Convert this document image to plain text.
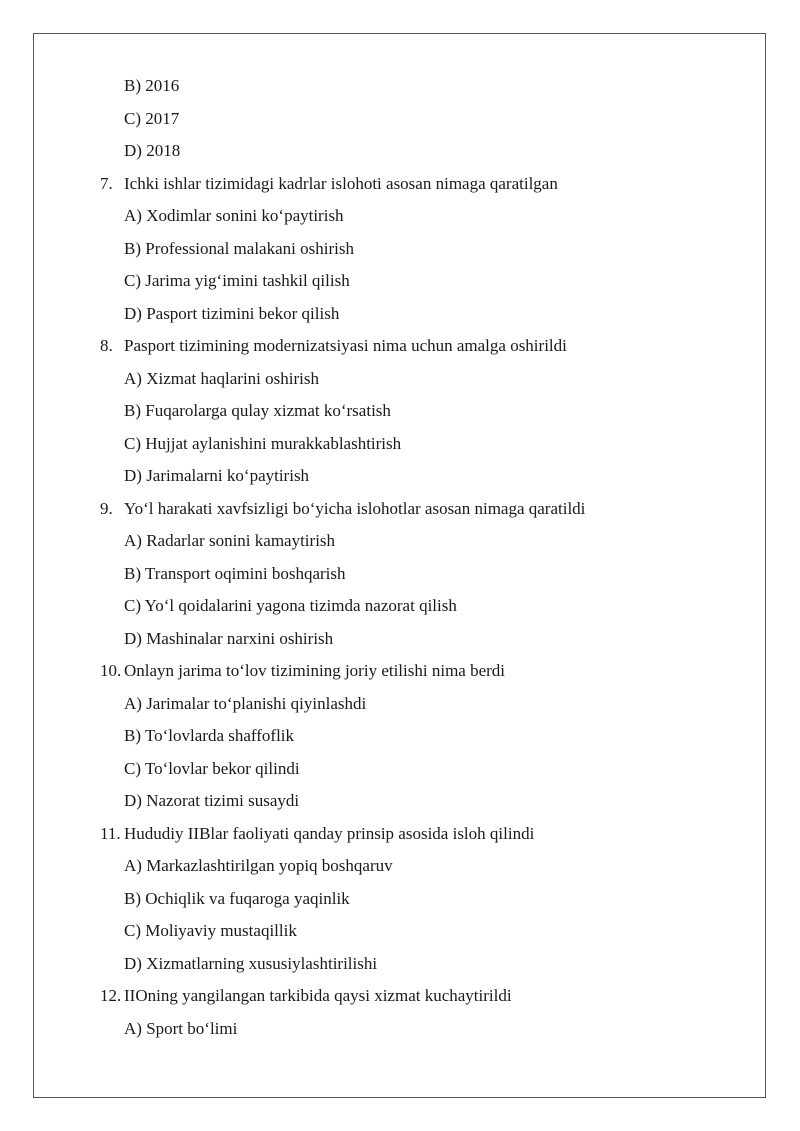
B) 2016
C) 2017
D) 2018
7. Ichki ishlar tizimidagi kadrlar islohoti asosan nimaga qaratilgan
A) Xodimlar sonini ko‘paytirish
B) Professional malakani oshirish
C) Jarima yig‘imini tashkil qilish
D) Pasport tizimini bekor qilish
8. Pasport tizimining modernizatsiyasi nima uchun amalga oshirildi
A) Xizmat haqlarini oshirish
B) Fuqarolarga qulay xizmat ko‘rsatish
C) Hujjat aylanishini murakkablashtirish
D) Jarimalarni ko‘paytirish
9. Yo‘l harakati xavfsizligi bo‘yicha islohotlar asosan nimaga qaratildi
A) Radarlar sonini kamaytirish
B) Transport oqimini boshqarish
C) Yo‘l qoidalarini yagona tizimda nazorat qilish
D) Mashinalar narxini oshirish
10. Onlayn jarima to‘lov tizimining joriy etilishi nima berdi
A) Jarimalar to‘planishi qiyinlashdi
B) To‘lovlarda shaffoflik
C) To‘lovlar bekor qilindi
D) Nazorat tizimi susaydi
11. Hududiy IIBlar faoliyati qanday prinsip asosida isloh qilindi
A) Markazlashtirilgan yopiq boshqaruv
B) Ochiqlik va fuqaroga yaqinlik
C) Moliyaviy mustaqillik
D) Xizmatlarning xususiylashtirilishi
12. IIOning yangilangan tarkibida qaysi xizmat kuchaytirildi
A) Sport bo‘limi
